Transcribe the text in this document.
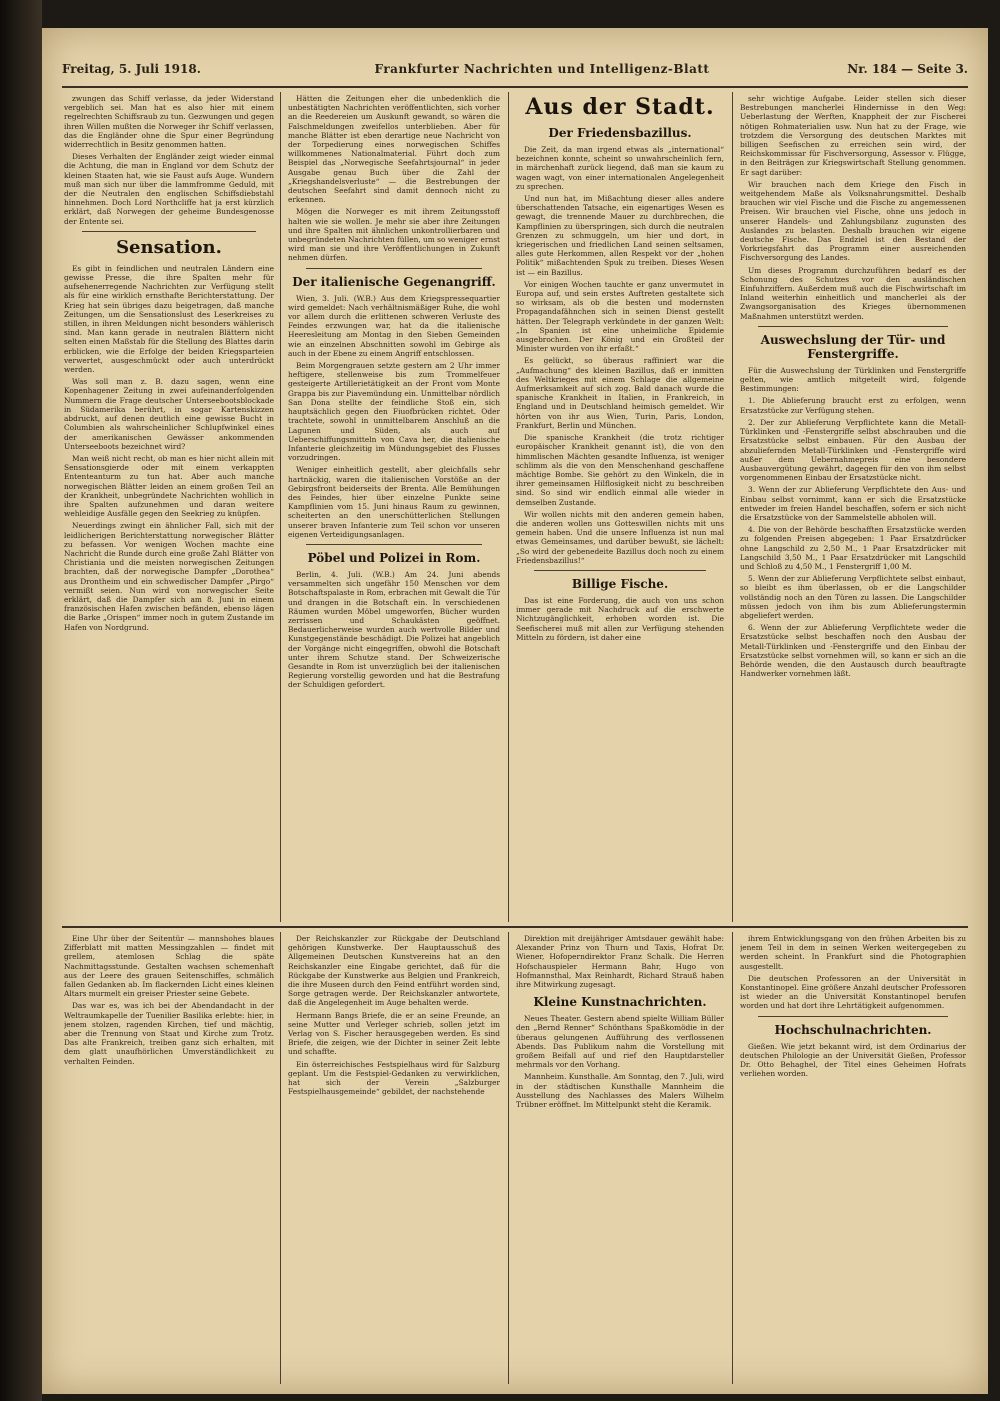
Freitag, 5. Juli 1918.	Frankfurter Nachrichten und Intelligenz-Blatt	Nr. 184 — Seite 3.

zwungen das Schiff verlasse, da jeder Widerstand vergeblich sei. Man hat es also hier mit einem regelrechten Schiffsraub zu tun. Gezwungen und gegen ihren Willen mußten die Norweger ihr Schiff verlassen, das die Engländer ohne die Spur einer Begründung widerrechtlich in Besitz genommen hatten.

Dieses Verhalten der Engländer zeigt wieder einmal die Achtung, die man in England vor dem Schutz der kleinen Staaten hat, wie sie Faust aufs Auge. Wundern muß man sich nur über die lammfromme Geduld, mit der die Neutralen den englischen Schiffsdiebstahl hinnehmen. Doch Lord Northcliffe hat ja erst kürzlich erklärt, daß Norwegen der geheime Bundesgenosse der Entente sei.

Sensation.

Es gibt in feindlichen und neutralen Ländern eine gewisse Presse, die ihre Spalten mehr für aufsehenerregende Nachrichten zur Verfügung stellt als für eine wirklich ernsthafte Berichterstattung. Der Krieg hat sein übriges dazu beigetragen, daß manche Zeitungen, um die Sensationslust des Leserkreises zu stillen, in ihren Meldungen nicht besonders wählerisch sind. Man kann gerade in neutralen Blättern nicht selten einen Maßstab für die Stellung des Blattes darin erblicken, wie die Erfolge der beiden Kriegsparteien verwertet, ausgeschmückt oder auch unterdrückt werden.

Was soll man z. B. dazu sagen, wenn eine Kopenhagener Zeitung in zwei aufeinanderfolgenden Nummern die Frage deutscher Unterseebootsblockade in Südamerika berührt, in sogar Kartenskizzen abdruckt, auf denen deutlich eine gewisse Bucht in Columbien als wahrscheinlicher Schlupfwinkel eines der amerikanischen Gewässer ankommenden Unterseeboots bezeichnet wird?

Man weiß nicht recht, ob man es hier nicht allein mit Sensationsgierde oder mit einem verkappten Ententeanturm zu tun hat. Aber auch manche norwegischen Blätter leiden an einem großen Teil an der Krankheit, unbegründete Nachrichten wohllich in ihre Spalten aufzunehmen und daran weitere wehleidige Ausfälle gegen den Seekrieg zu knüpfen.

Neuerdings zwingt ein ähnlicher Fall, sich mit der leidlicherigen Berichterstattung norwegischer Blätter zu befassen. Vor wenigen Wochen machte eine Nachricht die Runde durch eine große Zahl Blätter von Christiania und die meisten norwegischen Zeitungen brachten, daß der norwegische Dampfer „Dorothea“ aus Drontheim und ein schwedischer Dampfer „Pirgo“ vermißt seien. Nun wird von norwegischer Seite erklärt, daß die Dampfer sich am 8. Juni in einem französischen Hafen zwischen befänden, ebenso lägen die Barke „Orispen“ immer noch in gutem Zustande im Hafen von Nordgrund.

Hätten die Zeitungen eher die unbedenklich die unbestätigten Nachrichten veröffentlichten, sich vorher an die Reedereien um Auskunft gewandt, so wären die Falschmeldungen zweifellos unterblieben. Aber für manche Blätter ist eben derartige neue Nachricht von der Torpedierung eines norwegischen Schiffes willkommenes Nationalmaterial. Führt doch zum Beispiel das „Norwegische Seefahrtsjournal“ in jeder Ausgabe genau Buch über die Zahl der „Kriegshandelsverluste“ — die Bestrebungen der deutschen Seefahrt sind damit dennoch nicht zu erkennen.

Mögen die Norweger es mit ihrem Zeitungsstoff halten wie sie wollen. Je mehr sie aber ihre Zeitungen und ihre Spalten mit ähnlichen unkontrollierbaren und unbegründeten Nachrichten füllen, um so weniger ernst wird man sie und ihre Veröffentlichungen in Zukunft nehmen dürfen.

Der italienische Gegenangriff.

Wien, 3. Juli. (W.B.) Aus dem Kriegspressequartier wird gemeldet: Nach verhältnismäßiger Ruhe, die wohl vor allem durch die erlittenen schweren Verluste des Feindes erzwungen war, hat da die italienische Heeresleitung am Montag in den Sieben Gemeinden wie an einzelnen Abschnitten sowohl im Gebirge als auch in der Ebene zu einem Angriff entschlossen.

Beim Morgengrauen setzte gestern am 2 Uhr immer heftigere, stellenweise bis zum Trommelfeuer gesteigerte Artillerietätigkeit an der Front vom Monte Grappa bis zur Piavemündung ein. Unmittelbar nördlich San Dona stellte der feindliche Stoß ein, sich hauptsächlich gegen den Fiuofbrücken richtet. Oder trachtete, sowohl in unmittelbarem Anschluß an die Lagunen und Süden, als auch auf Ueberschiffungsmitteln von Cava her, die italienische Infanterie gleichzeitig im Mündungsgebiet des Flusses vorzudringen.

Weniger einheitlich gestellt, aber gleichfalls sehr hartnäckig, waren die italienischen Vorstöße an der Gebirgsfront beiderseits der Brenta. Alle Bemühungen des Feindes, hier über einzelne Punkte seine Kampflinien vom 15. Juni hinaus Raum zu gewinnen, scheiterten an den unerschütterlichen Stellungen unserer braven Infanterie zum Teil schon vor unseren eigenen Verteidigungsanlagen.

Pöbel und Polizei in Rom.

Berlin, 4. Juli. (W.B.) Am 24. Juni abends versammelten sich ungefähr 150 Menschen vor dem Botschaftspalaste in Rom, erbrachen mit Gewalt die Tür und drangen in die Botschaft ein. In verschiedenen Räumen wurden Möbel umgeworfen, Bücher wurden zerrissen und Schaukästen geöffnet. Bedauerlicherweise wurden auch wertvolle Bilder und Kunstgegenstände beschädigt. Die Polizei hat angeblich der Vorgänge nicht eingegriffen, obwohl die Botschaft unter ihrem Schutze stand. Der Schweizerische Gesandte in Rom ist unverzüglich bei der italienischen Regierung vorstellig geworden und hat die Bestrafung der Schuldigen gefordert.

Aus der Stadt.
Der Friedensbazillus.

Die Zeit, da man irgend etwas als „international“ bezeichnen konnte, scheint so unwahrscheinlich fern, in märchenhaft zurück liegend, daß man sie kaum zu wagen wagt, von einer internationalen Angelegenheit zu sprechen.

Und nun hat, im Mißachtung dieser alles andere überschattenden Tatsache, ein eigenartiges Wesen es gewagt, die trennende Mauer zu durchbrechen, die Kampflinien zu überspringen, sich durch die neutralen Grenzen zu schmuggeln, um hier und dort, in kriegerischen und friedlichen Land seinen seltsamen, alles gute Herkommen, allen Respekt vor der „hohen Politik“ mißachtenden Spuk zu treiben. Dieses Wesen ist — ein Bazillus.

Vor einigen Wochen tauchte er ganz unvermutet in Europa auf, und sein erstes Auftreten gestaltete sich so wirksam, als ob die besten und modernsten Propagandafähnchen sich in seinen Dienst gestellt hätten. Der Telegraph verkündete in der ganzen Welt: „In Spanien ist eine unheimliche Epidemie ausgebrochen. Der König und ein Großteil der Minister wurden von ihr erfaßt.“

Es gelückt, so überaus raffiniert war die „Aufmachung“ des kleinen Bazillus, daß er inmitten des Weltkrieges mit einem Schlage die allgemeine Aufmerksamkeit auf sich zog. Bald danach wurde die spanische Krankheit in Italien, in Frankreich, in England und in Deutschland heimisch gemeldet. Wir hörten von ihr aus Wien, Turin, Paris, London, Frankfurt, Berlin und München.

Die spanische Krankheit (die trotz richtiger europäischer Krankheit genannt ist), die von den himmlischen Mächten gesandte Influenza, ist weniger schlimm als die von den Menschenhand geschaffene mächtige Bombe. Sie gehört zu den Winkeln, die in ihrer gemeinsamen Hilflosigkeit nicht zu beschreiben sind. So sind wir endlich einmal alle wieder in demselben Zustande.

Wir wollen nichts mit den anderen gemein haben, die anderen wollen uns Gotteswillen nichts mit uns gemein haben. Und die unsere Influenza ist nun mal etwas Gemeinsames, und darüber bewußt, sie lächelt: „So wird der gebenedeite Bazillus doch noch zu einem Friedensbazillus!“

Billige Fische.

Das ist eine Forderung, die auch von uns schon immer gerade mit Nachdruck auf die erschwerte Nichtzugänglichkeit, erhoben worden ist. Die Seefischerei muß mit allen zur Verfügung stehenden Mitteln zu fördern, ist daher eine

sehr wichtige Aufgabe. Leider stellen sich dieser Bestrebungen mancherlei Hindernisse in den Weg: Ueberlastung der Werften, Knappheit der zur Fischerei nötigen Rohmaterialien usw. Nun hat zu der Frage, wie trotzdem die Versorgung des deutschen Marktes mit billigen Seefischen zu erreichen sein wird, der Reichskommissar für Fischversorgung, Assessor v. Flügge, in den Beiträgen zur Kriegswirtschaft Stellung genommen. Er sagt darüber:

Wir brauchen nach dem Kriege den Fisch in weitgehendem Maße als Volksnahrungsmittel. Deshalb brauchen wir viel Fische und die Fische zu angemessenen Preisen. Wir brauchen viel Fische, ohne uns jedoch in unserer Handels- und Zahlungsbilanz zugunsten des Auslandes zu belasten. Deshalb brauchen wir eigene deutsche Fische. Das Endziel ist den Bestand der Vorkriegsfahrt das Programm einer ausreichenden Fischversorgung des Landes.

Um dieses Programm durchzuführen bedarf es der Schonung des Schutzes vor den ausländischen Einfuhrziffern. Außerdem muß auch die Fischwirtschaft im Inland weiterhin einheitlich und mancherlei als der Zwangsorganisation des Krieges übernommenen Maßnahmen unterstützt werden.

Auswechslung der Tür- und Fenstergriffe.

Für die Auswechslung der Türklinken und Fenstergriffe gelten, wie amtlich mitgeteilt wird, folgende Bestimmungen:

1. Die Ablieferung braucht erst zu erfolgen, wenn Ersatzstücke zur Verfügung stehen.

2. Der zur Ablieferung Verpflichtete kann die Metall-Türklinken und -Fenstergriffe selbst abschrauben und die Ersatzstücke selbst einbauen. Für den Ausbau der abzuliefernden Metall-Türklinken und -Fenstergriffe wird außer dem Uebernahmepreis eine besondere Ausbauvergütung gewährt, dagegen für den von ihm selbst vorgenommenen Einbau der Ersatzstücke nicht.

3. Wenn der zur Ablieferung Verpflichtete den Aus- und Einbau selbst vornimmt, kann er sich die Ersatzstücke entweder im freien Handel beschaffen, sofern er sich nicht die Ersatzstücke von der Sammelstelle abholen will.

4. Die von der Behörde beschafften Ersatzstücke werden zu folgenden Preisen abgegeben: 1 Paar Ersatzdrücker ohne Langschild zu 2,50 M., 1 Paar Ersatzdrücker mit Langschild 3,50 M., 1 Paar Ersatzdrücker mit Langschild und Schloß zu 4,50 M., 1 Fenstergriff 1,00 M.

5. Wenn der zur Ablieferung Verpflichtete selbst einbaut, so bleibt es ihm überlassen, ob er die Langschilder vollständig noch an den Türen zu lassen. Die Langschilder müssen jedoch von ihm bis zum Ablieferungstermin abgeliefert werden.

6. Wenn der zur Ablieferung Verpflichtete weder die Ersatzstücke selbst beschaffen noch den Ausbau der Metall-Türklinken und -Fenstergriffe und den Einbau der Ersatzstücke selbst vornehmen will, so kann er sich an die Behörde wenden, die den Austausch durch beauftragte Handwerker vornehmen läßt.

Eine Uhr über der Seitentür — mannshohes blaues Zifferblatt mit matten Messingzahlen — findet mit grellem, atemlosen Schlag die späte Nachmittagsstunde. Gestalten wachsen schemenhaft aus der Leere des grauen Seitenschiffes, schmälich fallen Gedanken ab. Im flackernden Licht eines kleinen Altars murmelt ein greiser Priester seine Gebete.

Das war es, was ich bei der Abendandacht in der Weltraumkapelle der Tuenilier Basilika erlebte: hier, in jenem stolzen, ragenden Kirchen, tief und mächtig, aber die Trennung von Staat und Kirche zum Trotz. Das alte Frankreich, treiben ganz sich erhalten, mit dem glatt unaufhörlichen Umverständlichkeit zu verhalten Feinden.

Der Reichskanzler zur Rückgabe der Deutschland gehörigen Kunstwerke. Der Hauptausschuß des Allgemeinen Deutschen Kunstvereins hat an den Reichskanzler eine Eingabe gerichtet, daß für die Rückgabe der Kunstwerke aus Belgien und Frankreich, die ihre Museen durch den Feind entführt worden sind, Sorge getragen werde. Der Reichskanzler antwortete, daß die Angelegenheit im Auge behalten werde.

Hermann Bangs Briefe, die er an seine Freunde, an seine Mutter und Verleger schrieb, sollen jetzt im Verlag von S. Fischer herausgegeben werden. Es sind Briefe, die zeigen, wie der Dichter in seiner Zeit lebte und schaffte.

Ein österreichisches Festspielhaus wird für Salzburg geplant. Um die Festspiel-Gedanken zu verwirklichen, hat sich der Verein „Salzburger Festspielhausgemeinde“ gebildet, der nachstehende

Direktion mit dreijähriger Amtsdauer gewählt habe: Alexander Prinz von Thurn und Taxis, Hofrat Dr. Wiener, Hofoperndirektor Franz Schalk. Die Herren Hofschauspieler Hermann Bahr, Hugo von Hofmannsthal, Max Reinhardt, Richard Strauß haben ihre Mitwirkung zugesagt.

Kleine Kunstnachrichten.

Neues Theater. Gestern abend spielte William Büller den „Bernd Renner“ Schönthans Spaßkomödie in der überaus gelungenen Aufführung des verflossenen Abends. Das Publikum nahm die Vorstellung mit großem Beifall auf und rief den Hauptdarsteller mehrmals vor den Vorhang.

Mannheim. Kunsthalle. Am Sonntag, den 7. Juli, wird in der städtischen Kunsthalle Mannheim die Ausstellung des Nachlasses des Malers Wilhelm Trübner eröffnet. Im Mittelpunkt steht die Keramik.

ihrem Entwicklungsgang von den frühen Arbeiten bis zu jenem Teil in dem in seinen Werken weitergegeben zu werden scheint. In Frankfurt sind die Photographien ausgestellt.

Die deutschen Professoren an der Universität in Konstantinopel. Eine größere Anzahl deutscher Professoren ist wieder an die Universität Konstantinopel berufen worden und hat dort ihre Lehrtätigkeit aufgenommen.

Hochschulnachrichten.

Gießen. Wie jetzt bekannt wird, ist dem Ordinarius der deutschen Philologie an der Universität Gießen, Professor Dr. Otto Behaghel, der Titel eines Geheimen Hofrats verliehen worden.
